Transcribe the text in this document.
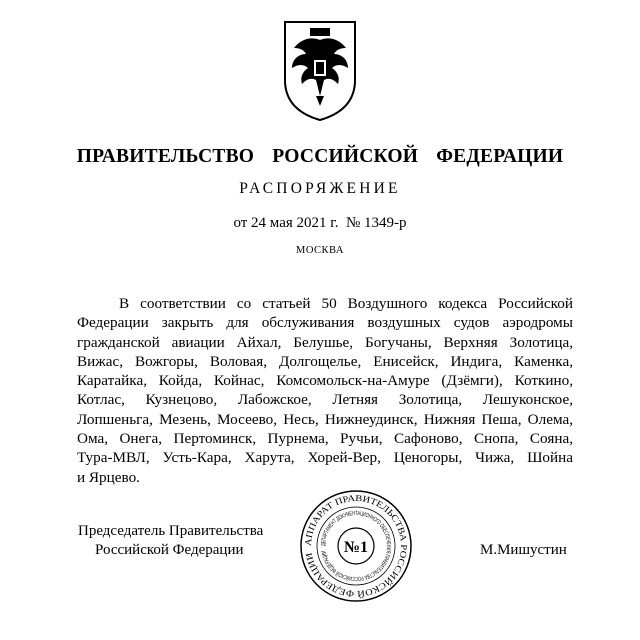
ПРАВИТЕЛЬСТВО  РОССИЙСКОЙ  ФЕДЕРАЦИИ
РАСПОРЯЖЕНИЕ
от 24 мая 2021 г.  № 1349-р
МОСКВА
В соответствии со статьей 50 Воздушного кодекса Российской
Федерации закрыть для обслуживания воздушных судов аэродромы
гражданской авиации Айхал, Белушье, Богучаны, Верхняя Золотица,
Вижас, Вожгоры, Воловая, Долгощелье, Енисейск, Индига, Каменка,
Каратайка, Койда, Койнас, Комсомольск-на-Амуре (Дзёмги), Коткино,
Котлас, Кузнецово, Лабожское, Летняя Золотица, Лешуконское,
Лопшеньга, Мезень, Мосеево, Несь, Нижнеудинск, Нижняя Пеша, Олема,
Ома, Онега, Пертоминск, Пурнема, Ручьи, Сафоново, Снопа, Сояна,
Тура-МВЛ, Усть-Кара, Харута, Хорей-Вер, Ценогоры, Чижа, Шойна
и Ярцево.
Председатель Правительства
Российской Федерации	М.Мишустин
АППАРАТ ПРАВИТЕЛЬСТВА РОССИЙСКОЙ ФЕДЕРАЦИИ
ДЕПАРТАМЕНТ ДОКУМЕНТАЦИОННОГО ОБЕСПЕЧЕНИЯ ПРАВИТЕЛЬСТВА РОССИЙСКОЙ ФЕДЕРАЦИИ	№1
